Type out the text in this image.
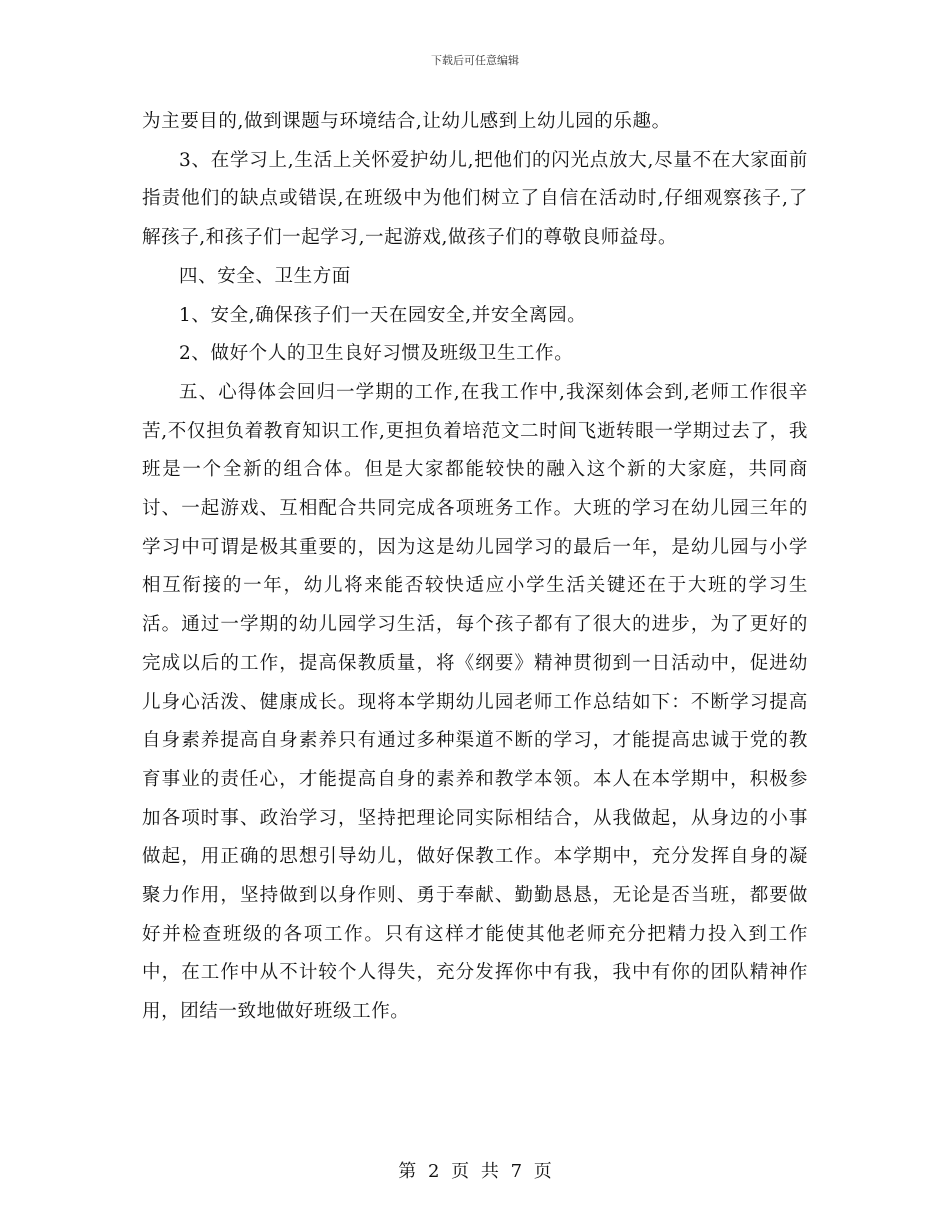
下载后可任意编辑

为主要目的,做到课题与环境结合,让幼儿感到上幼儿园的乐趣。

3、在学习上,生活上关怀爱护幼儿,把他们的闪光点放大,尽量不在大家面前指责他们的缺点或错误,在班级中为他们树立了自信在活动时,仔细观察孩子,了解孩子,和孩子们一起学习,一起游戏,做孩子们的尊敬良师益母。

四、安全、卫生方面

1、安全,确保孩子们一天在园安全,并安全离园。

2、做好个人的卫生良好习惯及班级卫生工作。

五、心得体会回归一学期的工作,在我工作中,我深刻体会到,老师工作很辛苦,不仅担负着教育知识工作,更担负着培范文二时间飞逝转眼一学期过去了，我班是一个全新的组合体。但是大家都能较快的融入这个新的大家庭，共同商讨、一起游戏、互相配合共同完成各项班务工作。大班的学习在幼儿园三年的学习中可谓是极其重要的，因为这是幼儿园学习的最后一年，是幼儿园与小学相互衔接的一年，幼儿将来能否较快适应小学生活关键还在于大班的学习生活。通过一学期的幼儿园学习生活，每个孩子都有了很大的进步，为了更好的完成以后的工作，提高保教质量，将《纲要》精神贯彻到一日活动中，促进幼儿身心活泼、健康成长。现将本学期幼儿园老师工作总结如下：不断学习提高自身素养提高自身素养只有通过多种渠道不断的学习，才能提高忠诚于党的教育事业的责任心，才能提高自身的素养和教学本领。本人在本学期中，积极参加各项时事、政治学习，坚持把理论同实际相结合，从我做起，从身边的小事做起，用正确的思想引导幼儿，做好保教工作。本学期中，充分发挥自身的凝聚力作用，坚持做到以身作则、勇于奉献、勤勤恳恳，无论是否当班，都要做好并检查班级的各项工作。只有这样才能使其他老师充分把精力投入到工作中，在工作中从不计较个人得失，充分发挥你中有我，我中有你的团队精神作用，团结一致地做好班级工作。

第 2 页 共 7 页
